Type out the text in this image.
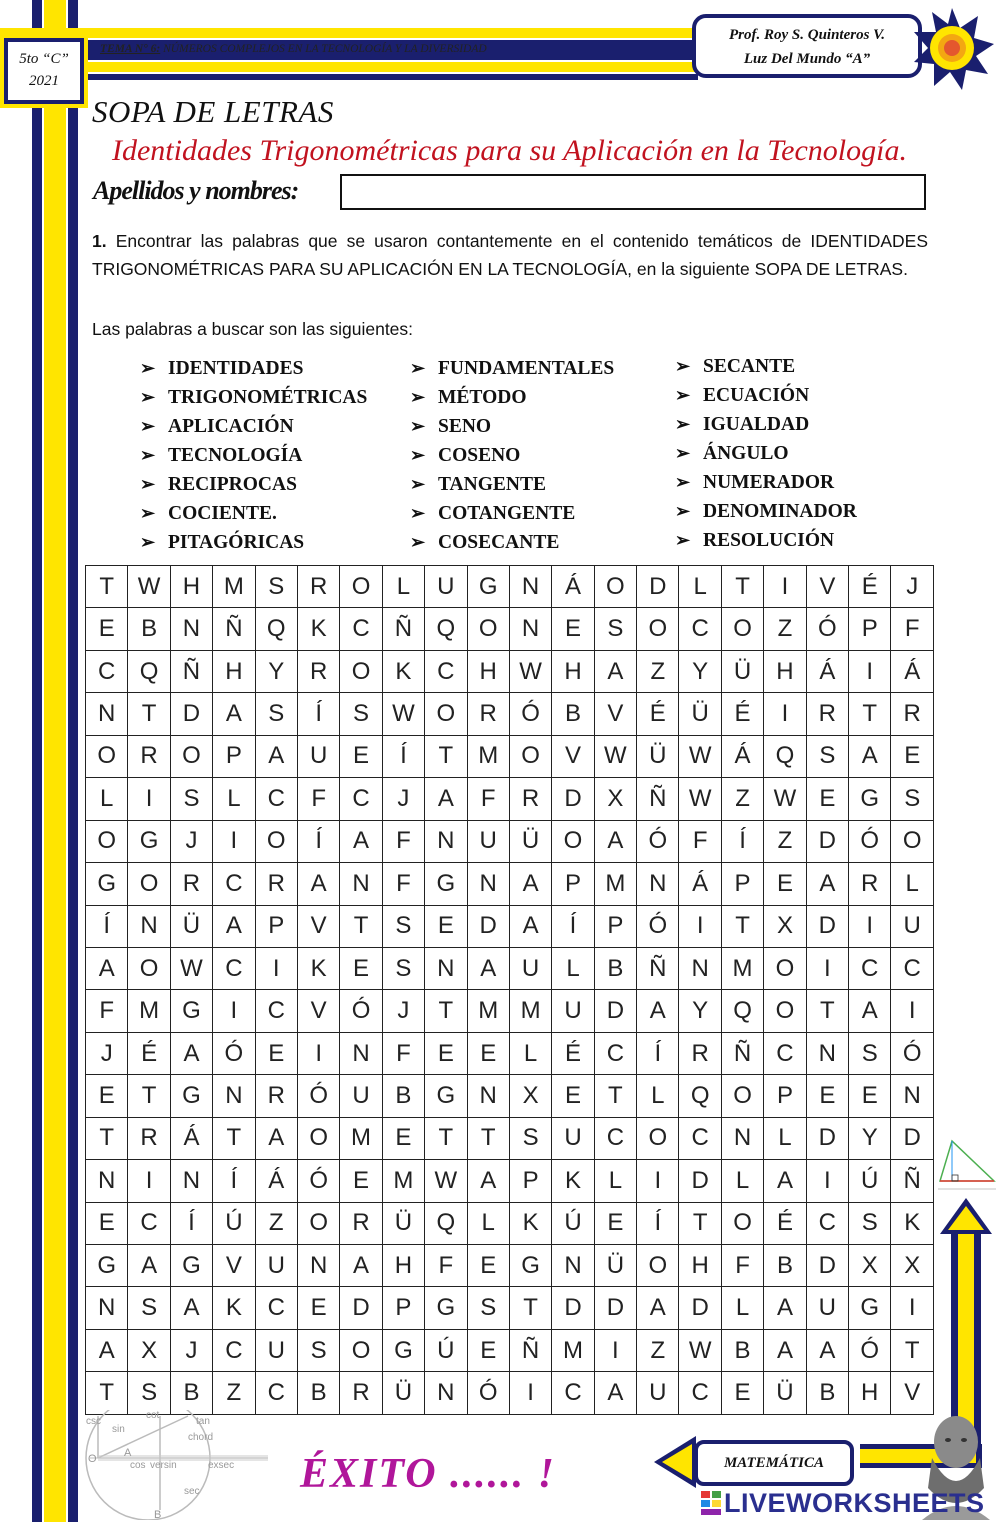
5to “C”
2021
TEMA N° 6: NÚMEROS COMPLEJOS EN LA TECNOLOGÍA Y LA DIVERSIDAD
Prof. Roy S. Quinteros V.
Luz Del Mundo “A”
SOPA DE LETRAS
Identidades Trigonométricas para su Aplicación en la Tecnología.
Apellidos y nombres:
1. Encontrar las palabras que se usaron contantemente en el contenido temáticos de IDENTIDADES TRIGONOMÉTRICAS PARA SU APLICACIÓN EN LA TECNOLOGÍA, en la siguiente SOPA DE LETRAS.
Las palabras a buscar son las siguientes:
➢ IDENTIDADES
➢ TRIGONOMÉTRICAS
➢ APLICACIÓN
➢ TECNOLOGÍA
➢ RECIPROCAS
➢ COCIENTE.
➢ PITAGÓRICAS
➢ FUNDAMENTALES
➢ MÉTODO
➢ SENO
➢ COSENO
➢ TANGENTE
➢ COTANGENTE
➢ COSECANTE
➢ SECANTE
➢ ECUACIÓN
➢ IGUALDAD
➢ ÁNGULO
➢ NUMERADOR
➢ DENOMINADOR
➢ RESOLUCIÓN
T	W	H	M	S	R	O	L	U	G	N	Á	O	D	L	T	I	V	É	J
E	B	N	Ñ	Q	K	C	Ñ	Q	O	N	E	S	O	C	O	Z	Ó	P	F
C	Q	Ñ	H	Y	R	O	K	C	H	W	H	A	Z	Y	Ü	H	Á	I	Á
N	T	D	A	S	Í	S	W	O	R	Ó	B	V	É	Ü	É	I	R	T	R
O	R	O	P	A	U	E	Í	T	M	O	V	W	Ü	W	Á	Q	S	A	E
L	I	S	L	C	F	C	J	A	F	R	D	X	Ñ	W	Z	W	E	G	S
O	G	J	I	O	Í	A	F	N	U	Ü	O	A	Ó	F	Í	Z	D	Ó	O
G	O	R	C	R	A	N	F	G	N	A	P	M	N	Á	P	E	A	R	L
Í	N	Ü	A	P	V	T	S	E	D	A	Í	P	Ó	I	T	X	D	I	U
A	O	W	C	I	K	E	S	N	A	U	L	B	Ñ	N	M	O	I	C	C
F	M	G	I	C	V	Ó	J	T	M	M	U	D	A	Y	Q	O	T	A	I
J	É	A	Ó	E	I	N	F	E	E	L	É	C	Í	R	Ñ	C	N	S	Ó
E	T	G	N	R	Ó	U	B	G	N	X	E	T	L	Q	O	P	E	E	N
T	R	Á	T	A	O	M	E	T	T	S	U	C	O	C	N	L	D	Y	D
N	I	N	Í	Á	Ó	E	M	W	A	P	K	L	I	D	L	A	I	Ú	Ñ
E	C	Í	Ú	Z	O	R	Ü	Q	L	K	Ú	E	Í	T	O	É	C	S	K
G	A	G	V	U	N	A	H	F	E	G	N	Ü	O	H	F	B	D	X	X
N	S	A	K	C	E	D	P	G	S	T	D	D	A	D	L	A	U	G	I
A	X	J	C	U	S	O	G	Ú	E	Ñ	M	I	Z	W	B	A	A	Ó	T
T	S	B	Z	C	B	R	Ü	N	Ó	I	C	A	U	C	E	Ü	B	H	V
csc
sin
cot
tan
chord
cos versin	exsec
sec
O A
B
ÉXITO ...... !	MATEMÁTICA
LIVEWORKSHEETS
